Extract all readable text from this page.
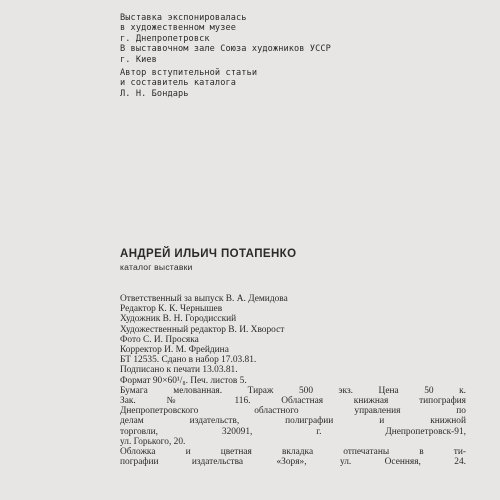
Выставка экспонировалась
в художественном музее
г. Днепропетровск
В выставочном зале Союза художников УССР
г. Киев
Автор вступительной статьи
и составитель каталога
Л. Н. Бондарь
АНДРЕЙ ИЛЬИЧ ПОТАПЕНКО
каталог выставки
Ответственный за выпуск В. А. Демидова
Редактор К. К. Чернышев
Художник В. Н. Городисский
Художественный редактор В. И. Хворост
Фото С. И. Просяка
Корректор И. М. Фрейдина
БТ 12535. Сдано в набор 17.03.81.
Подписано к печати 13.03.81.
Формат 90×60¹/₈. Печ. листов 5.
Бумага мелованная. Тираж 500 экз. Цена 50 к.
Зак. № 116. Областная книжная типография
Днепропетровского областного управления по
делам издательств, полиграфии и книжной
торговли, 320091, г. Днепропетровск-91,
ул. Горького, 20.
Обложка и цветная вкладка отпечатаны в ти-
пографии издательства «Зоря», ул. Осенняя, 24.
